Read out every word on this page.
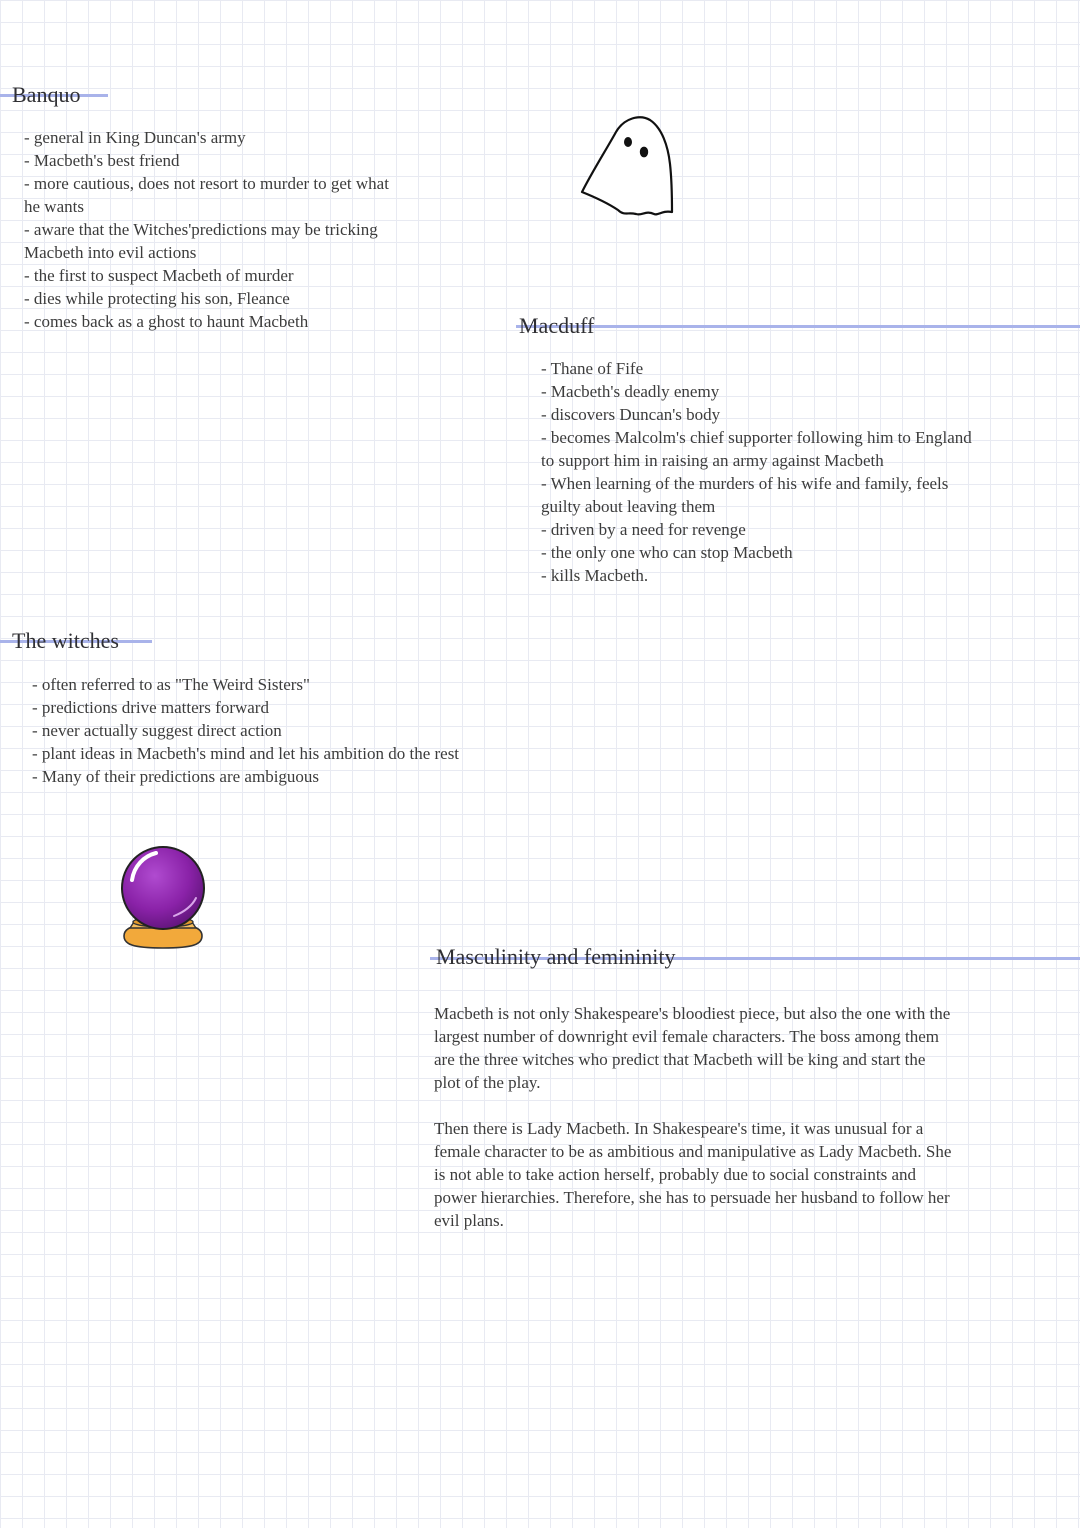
Banquo
- general in King Duncan's army
- Macbeth's best friend
- more cautious, does not resort to murder to get what
he wants
- aware that the Witches'predictions may be tricking
Macbeth into evil actions
- the first to suspect Macbeth of murder
- dies while protecting his son, Fleance
- comes back as a ghost to haunt Macbeth	Macduff
- Thane of Fife
- Macbeth's deadly enemy
- discovers Duncan's body
- becomes Malcolm's chief supporter following him to England
to support him in raising an army against Macbeth
- When learning of the murders of his wife and family, feels
guilty about leaving them
- driven by a need for revenge
- the only one who can stop Macbeth
- kills Macbeth.
The witches
- often referred to as "The Weird Sisters"
- predictions drive matters forward
- never actually suggest direct action
- plant ideas in Macbeth's mind and let his ambition do the rest
- Many of their predictions are ambiguous
Masculinity and femininity
Macbeth is not only Shakespeare's bloodiest piece, but also the one with the
largest number of downright evil female characters. The boss among them
are the three witches who predict that Macbeth will be king and start the
plot of the play.
Then there is Lady Macbeth. In Shakespeare's time, it was unusual for a
female character to be as ambitious and manipulative as Lady Macbeth. She
is not able to take action herself, probably due to social constraints and
power hierarchies. Therefore, she has to persuade her husband to follow her
evil plans.
